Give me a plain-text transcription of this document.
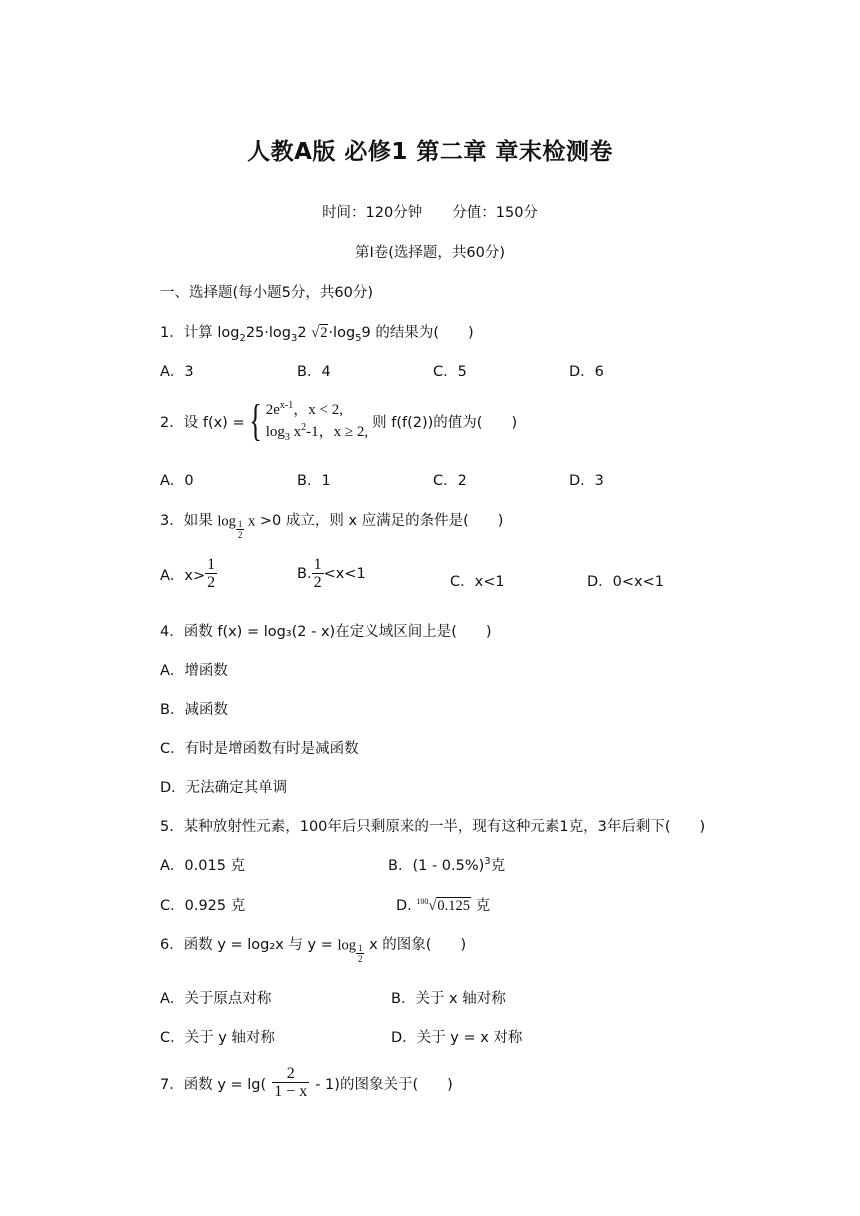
人教A版 必修1 第二章 章末检测卷
时间：120分钟 分值：150分
第Ⅰ卷(选择题，共60分)
一、选择题(每小题5分，共60分)
1．计算 $\log_225\cdot\log_32$ $√2\cdot\log_59$ 的结果为(　　)
A．3	B．4	C．5	D．6
2．设 f(x) = { $2e^{x-1}$，x < 2,
$\log_3 x^2-1$，x ≥ 2,
则 f(f(2))的值为(　　)
A．0	B．1	C．2	D．3
3．如果 $\log \frac{1}{2}$ x >0 成立，则 x 应满足的条件是(　　)
A．$x> \frac{1}{2}$	B. $\frac{1}{2} <x<1$	C．x<1	D．0<x<1
4．函数 f(x) = log₃(2 - x)在定义域区间上是(　　)
A．增函数
B．减函数
C．有时是增函数有时是减函数
D．无法确定其单调
5．某种放射性元素，100年后只剩原来的一半，现有这种元素1克，3年后剩下(　　)
A．0.015 克	B．(1 - 0.5%)$^3$克
C．0.925 克	D. $^{100}$√0.125 克
6．函数 y = log₂x 与 $y = \log \frac{1}{2}$ x 的图象(　　)
A．关于原点对称	B．关于 x 轴对称
C．关于 y 轴对称	D．关于 y = x 对称
7．函数 $y = \lg( \frac{2}{1 - x} - 1)$的图象关于(　　)
